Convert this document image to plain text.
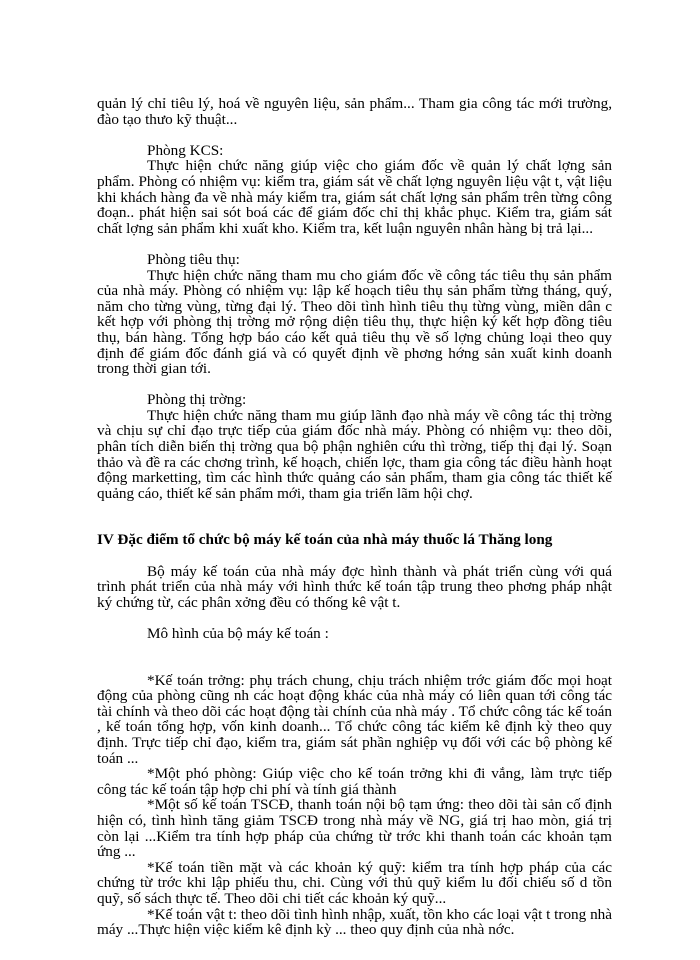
quản lý chỉ tiêu lý, hoá về nguyên liệu, sản phẩm... Tham gia công tác mới trường, đào tạo thưo kỹ thuật...

Phòng KCS:

Thực hiện chức năng giúp việc cho giám đốc về quản lý chất lợng sản phẩm. Phòng có nhiệm vụ: kiểm tra, giám sát về chất lợng nguyên liệu vật t, vật liệu khi khách hàng đa về nhà máy kiểm tra, giám sát chất lợng sản phẩm trên từng công đoạn.. phát hiện sai sót boá các để giám đốc chỉ thị khắc phục. Kiểm tra, giám sát chất lợng sản phẩm khi xuất kho. Kiểm tra, kết luận nguyên nhân hàng bị trả lại...

Phòng tiêu thụ:

Thực hiện chức năng tham mu cho giám đốc về công tác tiêu thụ sản phẩm của nhà máy. Phòng có nhiệm vụ: lập kế hoạch tiêu thụ sản phẩm từng tháng, quý, năm cho từng vùng, từng đại lý. Theo dõi tình hình tiêu thụ từng vùng, miền dân c kết hợp với phòng thị trờng mở rộng diện tiêu thụ, thực hiện ký kết hợp đồng tiêu thụ, bán hàng. Tổng hợp báo cáo kết quả tiêu thụ về số lợng chủng loại theo quy định để giám đốc đánh giá và có quyết định về phơng hớng sản xuất kinh doanh trong thời gian tới.

Phòng thị trờng:

Thực hiện chức năng tham mu giúp lãnh đạo nhà máy về công tác thị trờng và chịu sự chỉ đạo trực tiếp của giám đốc nhà máy. Phòng có nhiệm vụ: theo dõi, phân tích diễn biến thị trờng qua bộ phận nghiên cứu thì trờng, tiếp thị đại lý. Soạn thảo và đề ra các chơng trình, kế hoạch, chiến lợc, tham gia công tác điều hành hoạt động marketting, tìm các hình thức quảng cáo sản phẩm, tham gia công tác thiết kế quảng cáo, thiết kế sản phẩm mới, tham gia triển lãm hội chợ.

IV Đặc điểm tổ chức bộ máy kế toán của nhà máy thuốc lá Thăng long

Bộ máy kế toán của nhà máy đợc hình thành và phát triển cùng với quá trình phát triển của nhà máy với hình thức kế toán tập trung theo phơng pháp nhật ký chứng từ, các phân xởng đều có thống kê vật t.

Mô hình của bộ máy kế toán :

*Kế toán trởng: phụ trách chung, chịu trách nhiệm trớc giám đốc mọi hoạt động của phòng cũng nh các hoạt động khác của nhà máy có liên quan tới công tác tài chính và theo dõi các hoạt động tài chính của nhà máy . Tổ chức công tác kế toán , kế toán tổng hợp, vốn kinh doanh... Tổ chức công tác kiểm kê định kỳ theo quy định. Trực tiếp chỉ đạo, kiểm tra, giám sát phần nghiệp vụ đối với các bộ phòng kế toán ...

*Một phó phòng: Giúp việc cho kế toán trởng khi đi vắng, làm trực tiếp công tác kế toán tập hợp chi phí và tính giá thành

*Một số kế toán TSCĐ, thanh toán nội bộ tạm ứng: theo dõi tài sản cố định hiện có, tình hình tăng giảm TSCĐ trong nhà máy về NG, giá trị hao mòn, giá trị còn lại ...Kiểm tra tính hợp pháp của chứng từ trớc khi thanh toán các khoản tạm ứng ...

*Kế toán tiền mặt và các khoản ký quỹ: kiểm tra tính hợp pháp của các chứng từ trớc khi lập phiếu thu, chi. Cùng với thủ quỹ kiểm lu đối chiếu số d tồn quỹ, số sách thực tế. Theo dõi chi tiết các khoản ký quỹ...

*Kế toán vật t: theo dõi tình hình nhập, xuất, tồn kho các loại vật t trong nhà máy ...Thực hiện việc kiểm kê định kỳ ... theo quy định của nhà nớc.
